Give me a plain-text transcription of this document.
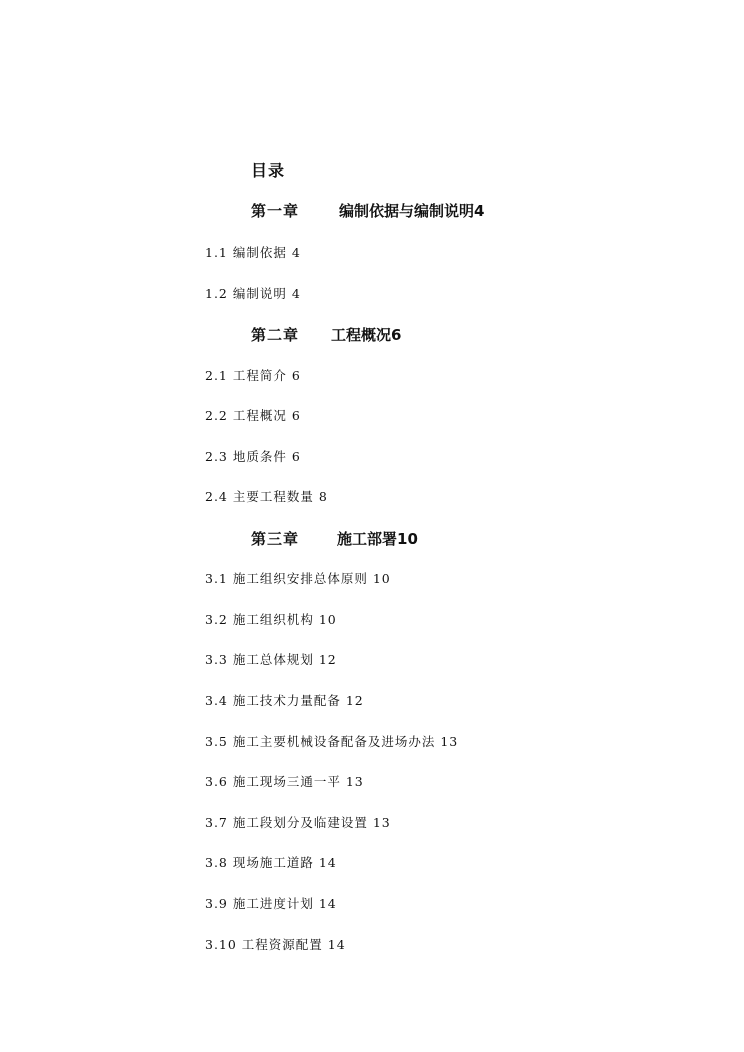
目录
第一章	编制依据与编制说明4
1.1 编制依据 4
1.2 编制说明 4
第二章 工程概况6
2.1 工程简介 6
2.2 工程概况 6
2.3 地质条件 6
2.4 主要工程数量 8
第三章	施工部署10
3.1 施工组织安排总体原则 10
3.2 施工组织机构 10
3.3 施工总体规划 12
3.4 施工技术力量配备 12
3.5 施工主要机械设备配备及进场办法 13
3.6 施工现场三通一平 13
3.7 施工段划分及临建设置 13
3.8 现场施工道路 14
3.9 施工进度计划 14
3.10 工程资源配置 14
